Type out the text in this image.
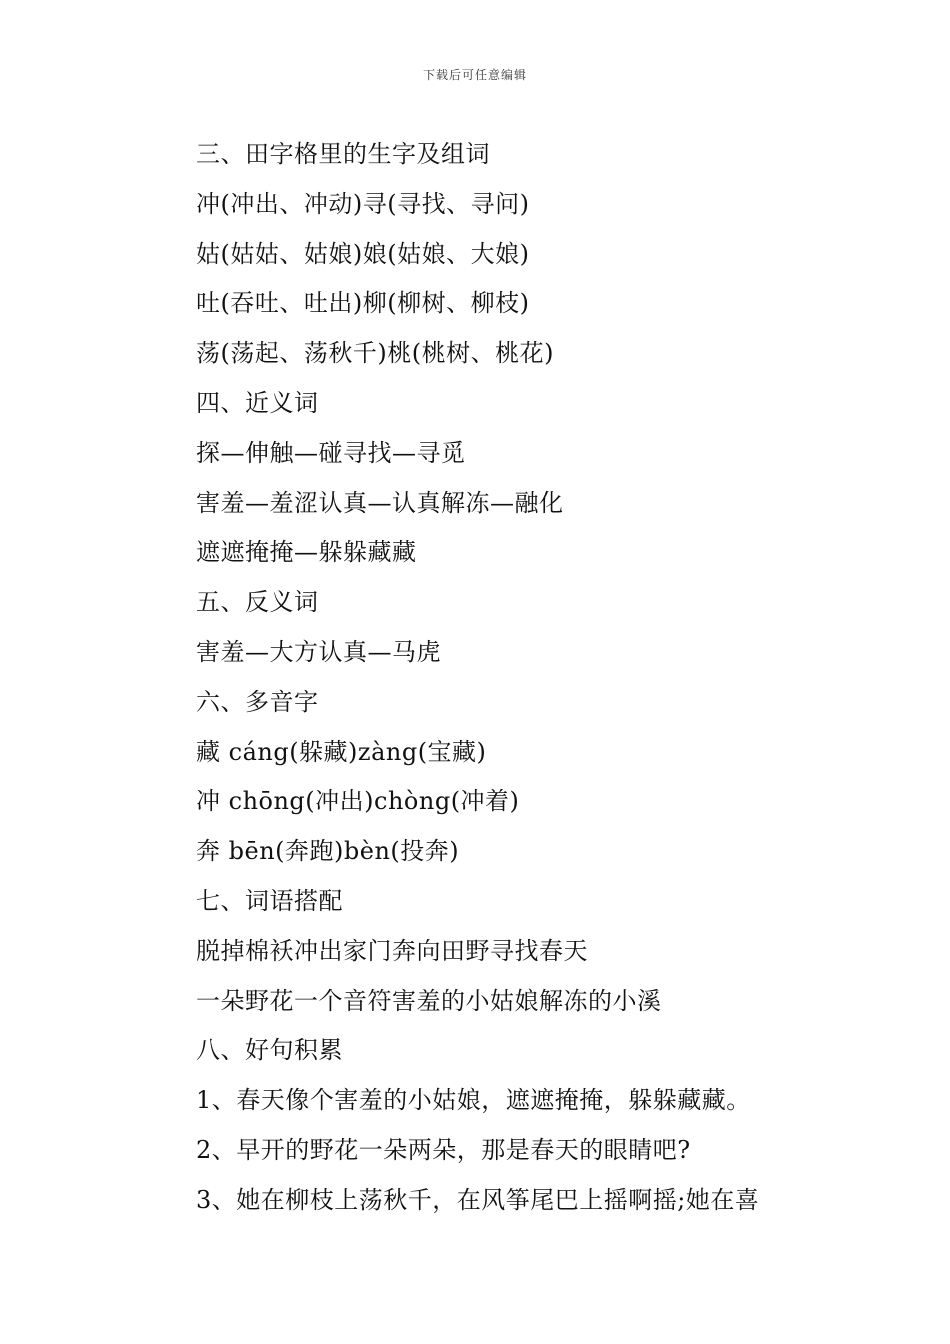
下载后可任意编辑
三、田字格里的生字及组词
冲(冲出、冲动)寻(寻找、寻问)
姑(姑姑、姑娘)娘(姑娘、大娘)
吐(吞吐、吐出)柳(柳树、柳枝)
荡(荡起、荡秋千)桃(桃树、桃花)
四、近义词
探—伸触—碰寻找—寻觅
害羞—羞涩认真—认真解冻—融化
遮遮掩掩—躲躲藏藏
五、反义词
害羞—大方认真—马虎
六、多音字
藏 cáng(躲藏)zàng(宝藏)
冲 chōng(冲出)chòng(冲着)
奔 bēn(奔跑)bèn(投奔)
七、词语搭配
脱掉棉袄冲出家门奔向田野寻找春天
一朵野花一个音符害羞的小姑娘解冻的小溪
八、好句积累
1、春天像个害羞的小姑娘，遮遮掩掩，躲躲藏藏。
2、早开的野花一朵两朵，那是春天的眼睛吧?
3、她在柳枝上荡秋千，在风筝尾巴上摇啊摇;她在喜
